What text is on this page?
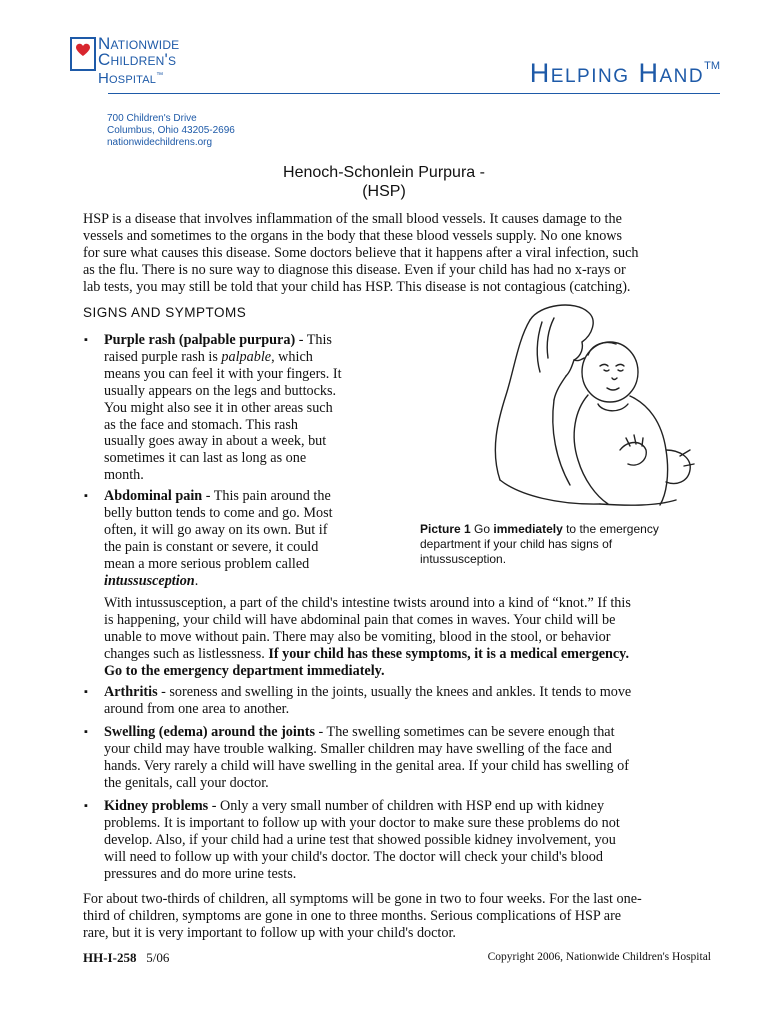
Nationwide
Children's
Hospital™	Helping Hand™
700 Children's Drive
Columbus, Ohio 43205-2696
nationwidechildrens.org
Henoch-Schonlein Purpura -
(HSP)
HSP is a disease that involves inflammation of the small blood vessels. It causes damage to the
vessels and sometimes to the organs in the body that these blood vessels supply. No one knows
for sure what causes this disease. Some doctors believe that it happens after a viral infection, such
as the flu. There is no sure way to diagnose this disease. Even if your child has had no x-rays or
lab tests, you may still be told that your child has HSP. This disease is not contagious (catching).
SIGNS AND SYMPTOMS
▪ Purple rash (palpable purpura) - This
raised purple rash is palpable, which
means you can feel it with your fingers. It
usually appears on the legs and buttocks.
You might also see it in other areas such
as the face and stomach. This rash
usually goes away in about a week, but
sometimes it can last as long as one
month.
▪ Abdominal pain - This pain around the
belly button tends to come and go. Most
often, it will go away on its own. But if
the pain is constant or severe, it could
mean a more serious problem called
intussusception.
Picture 1 Go immediately to the emergency
department if your child has signs of
intussusception.
With intussusception, a part of the child's intestine twists around into a kind of “knot.” If this
is happening, your child will have abdominal pain that comes in waves. Your child will be
unable to move without pain. There may also be vomiting, blood in the stool, or behavior
changes such as listlessness. If your child has these symptoms, it is a medical emergency.
Go to the emergency department immediately.
▪ Arthritis - soreness and swelling in the joints, usually the knees and ankles. It tends to move
around from one area to another.
▪ Swelling (edema) around the joints - The swelling sometimes can be severe enough that
your child may have trouble walking. Smaller children may have swelling of the face and
hands. Very rarely a child will have swelling in the genital area. If your child has swelling of
the genitals, call your doctor.
▪ Kidney problems - Only a very small number of children with HSP end up with kidney
problems. It is important to follow up with your doctor to make sure these problems do not
develop. Also, if your child had a urine test that showed possible kidney involvement, you
will need to follow up with your child's doctor. The doctor will check your child's blood
pressures and do more urine tests.
For about two-thirds of children, all symptoms will be gone in two to four weeks. For the last one-
third of children, symptoms are gone in one to three months. Serious complications of HSP are
rare, but it is very important to follow up with your child's doctor.
HH-I-258 5/06	Copyright 2006, Nationwide Children's Hospital
